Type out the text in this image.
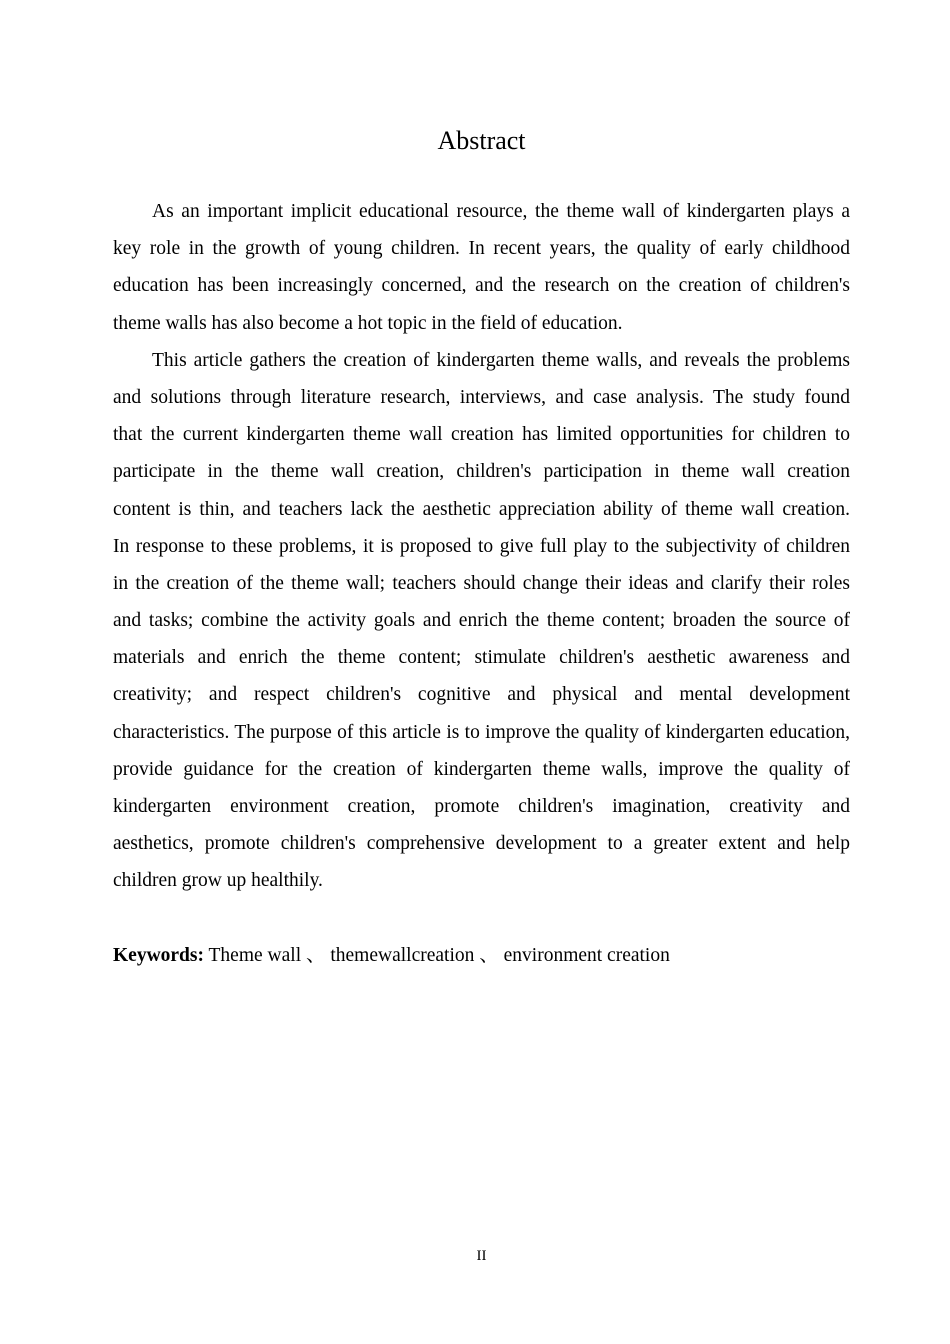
Abstract
As an important implicit educational resource, the theme wall of kindergarten plays a
key role in the growth of young children. In recent years, the quality of early childhood
education has been increasingly concerned, and the research on the creation of children's
theme walls has also become a hot topic in the field of education.
This article gathers the creation of kindergarten theme walls, and reveals the problems
and solutions through literature research, interviews, and case analysis. The study found
that the current kindergarten theme wall creation has limited opportunities for children to
participate in the theme wall creation, children's participation in theme wall creation
content is thin, and teachers lack the aesthetic appreciation ability of theme wall creation.
In response to these problems, it is proposed to give full play to the subjectivity of children
in the creation of the theme wall; teachers should change their ideas and clarify their roles
and tasks; combine the activity goals and enrich the theme content; broaden the source of
materials and enrich the theme content; stimulate children's aesthetic awareness and
creativity; and respect children's cognitive and physical and mental development
characteristics. The purpose of this article is to improve the quality of kindergarten education,
provide guidance for the creation of kindergarten theme walls, improve the quality of
kindergarten environment creation, promote children's imagination, creativity and
aesthetics, promote children's comprehensive development to a greater extent and help
children grow up healthily.
Keywords: Theme wall 、 themewallcreation 、 environment creation
II
